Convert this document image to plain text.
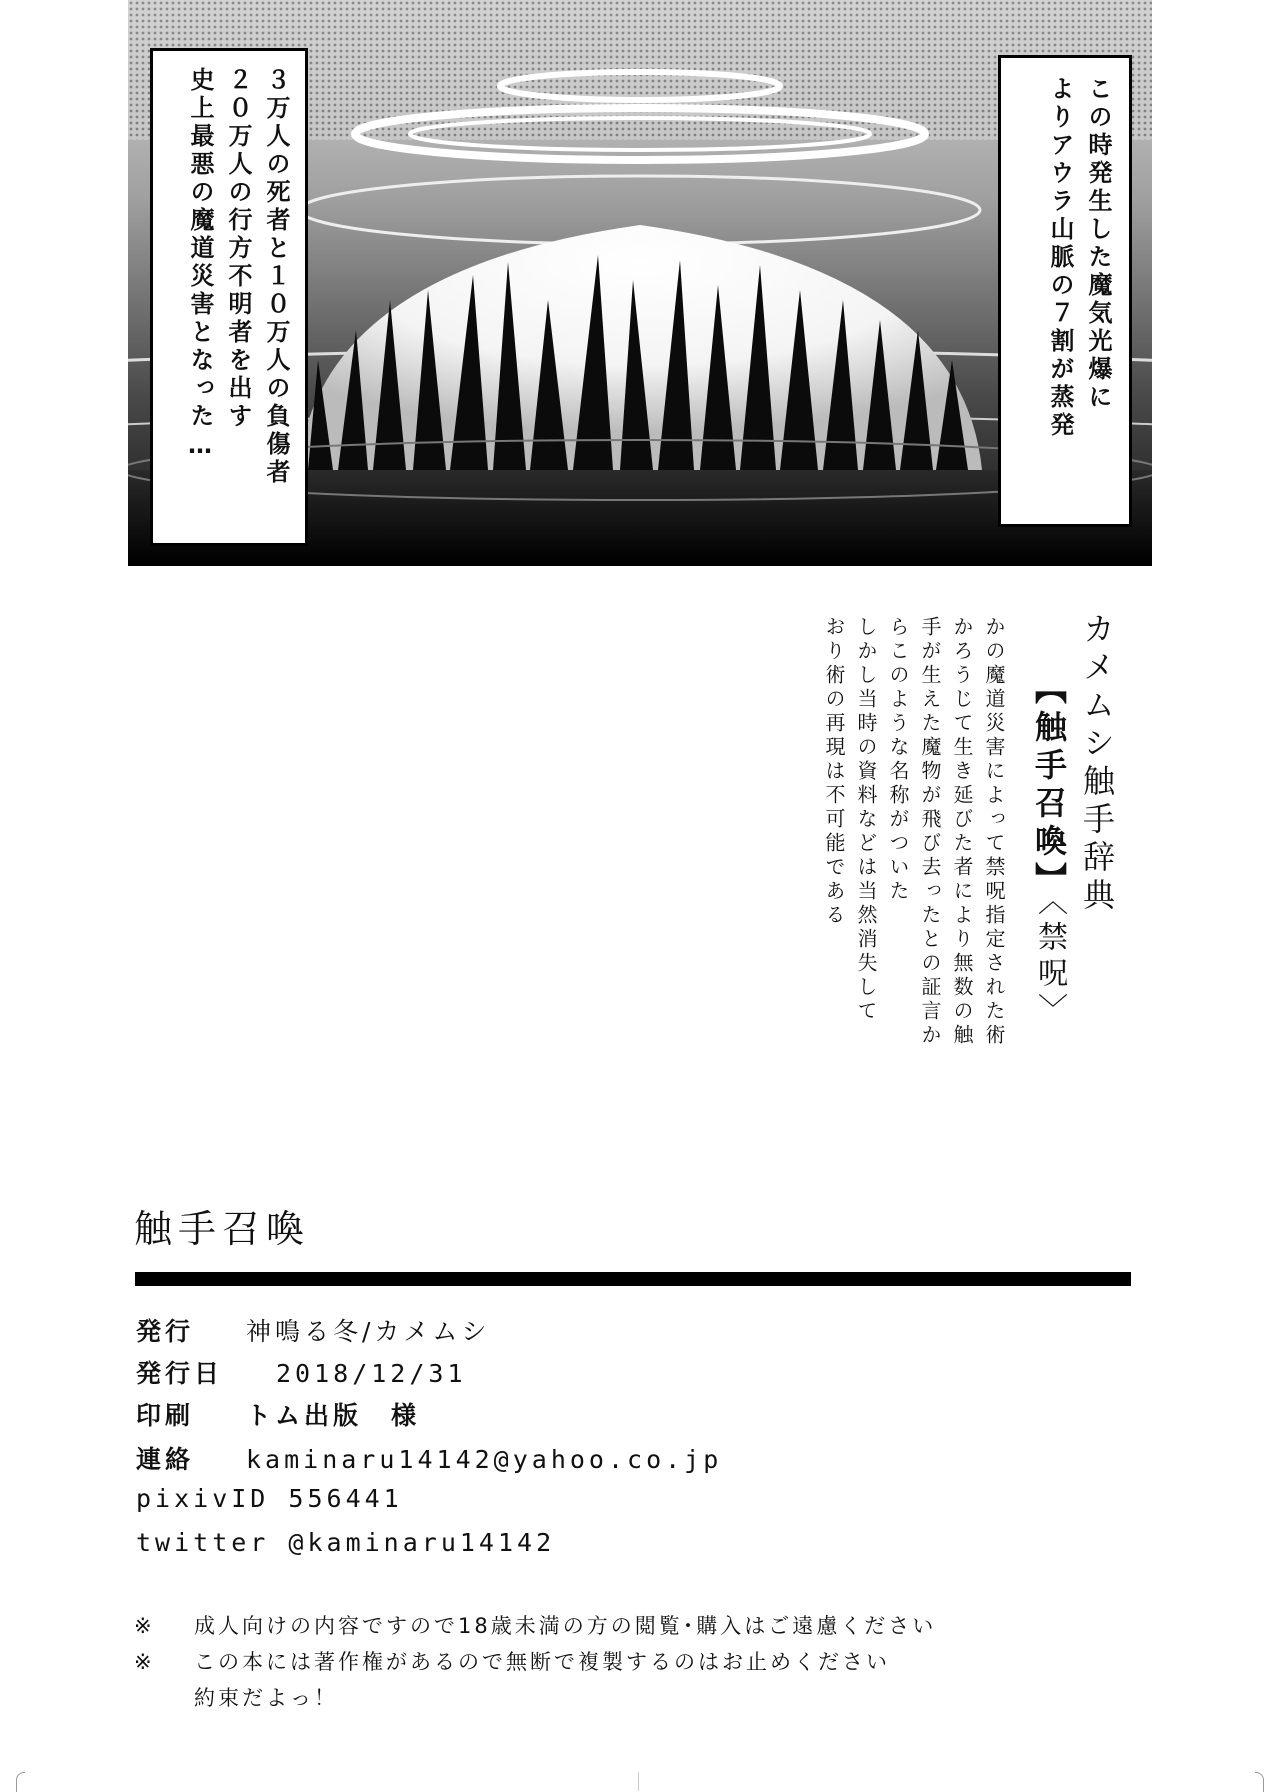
この時発生した魔気光爆に
よりアウラ山脈の７割が蒸発
３万人の死者と１０万人の負傷者
２０万人の行方不明者を出す
史上最悪の魔道災害となった…
カメムシ触手辞典
【触手召喚】〈禁呪〉
かの魔道災害によって禁呪指定された術
かろうじて生き延びた者により無数の触
手が生えた魔物が飛び去ったとの証言か
らこのような名称がついた
しかし当時の資料などは当然消失して
おり術の再現は不可能である
触手召喚
発行 神鳴る冬/カメムシ
発行日 2018/12/31
印刷 トム出版　様
連絡 kaminaru14142@yahoo.co.jp
pixivID 556441
twitter @kaminaru14142
※ 成人向けの内容ですので18歳未満の方の閲覧･購入はご遠慮ください
※ この本には著作権があるので無断で複製するのはお止めください
約束だよっ！
